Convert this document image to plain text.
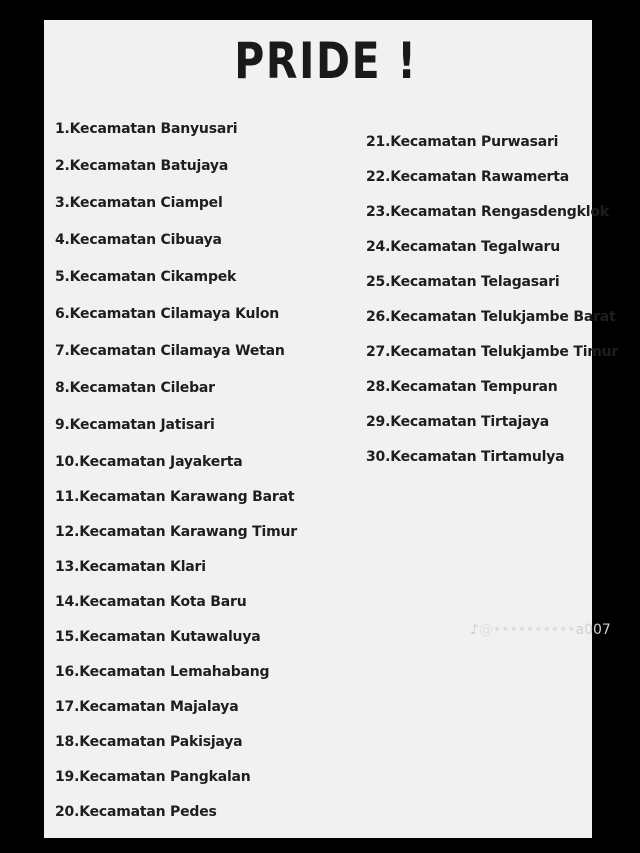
PRIDE !
1.Kecamatan Banyusari
2.Kecamatan Batujaya
3.Kecamatan Ciampel
4.Kecamatan Cibuaya
5.Kecamatan Cikampek
6.Kecamatan Cilamaya Kulon
7.Kecamatan Cilamaya Wetan
8.Kecamatan Cilebar
9.Kecamatan Jatisari
10.Kecamatan Jayakerta
11.Kecamatan Karawang Barat
12.Kecamatan Karawang Timur
13.Kecamatan Klari
14.Kecamatan Kota Baru
15.Kecamatan Kutawaluya
16.Kecamatan Lemahabang
17.Kecamatan Majalaya
18.Kecamatan Pakisjaya
19.Kecamatan Pangkalan
20.Kecamatan Pedes
21.Kecamatan Purwasari
22.Kecamatan Rawamerta
23.Kecamatan Rengasdengklok
24.Kecamatan Tegalwaru
25.Kecamatan Telagasari
26.Kecamatan Telukjambe Barat
27.Kecamatan Telukjambe Timur
28.Kecamatan Tempuran
29.Kecamatan Tirtajaya
30.Kecamatan Tirtamulya
♪@••••••••••a007
